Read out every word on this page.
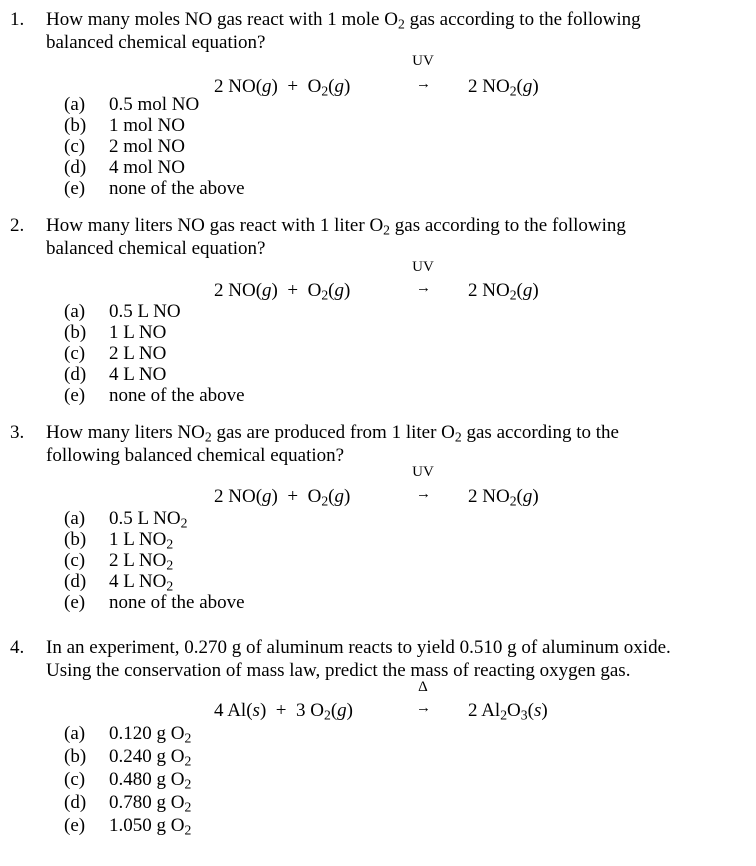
1. How many moles NO gas react with 1 mole $O_2$ gas according to the following
balanced chemical equation?
UV
2 $NO(g) + O_2(g)$	→ 2 $NO_2(g)$
(a) 0.5 mol NO
(b) 1 mol NO
(c) 2 mol NO
(d) 4 mol NO
(e) none of the above
2. How many liters NO gas react with 1 liter $O_2$ gas according to the following
balanced chemical equation?
UV
2 $NO(g) + O_2(g)$	→ 2 $NO_2(g)$
(a) 0.5 L NO
(b) 1 L NO
(c) 2 L NO
(d) 4 L NO
(e) none of the above
3. How many liters $NO_2$ gas are produced from 1 liter $O_2$ gas according to the
following balanced chemical equation?
UV
2 $NO(g) + O_2(g)$	→ 2 $NO_2(g)$
(a) 0.5 L $NO_2$
(b) 1 L $NO_2$
(c) 2 L $NO_2$
(d) 4 L $NO_2$
(e) none of the above
4. In an experiment, 0.270 g of aluminum reacts to yield 0.510 g of aluminum oxide.
Using the conservation of mass law, predict the mass of reacting oxygen gas.
Δ
4 Al(s) + 3 $O_2(g)$	→ 2 $Al_2O_3(s)$
(a) 0.120 g $O_2$
(b) 0.240 g $O_2$
(c) 0.480 g $O_2$
(d) 0.780 g $O_2$
(e) 1.050 g $O_2$
